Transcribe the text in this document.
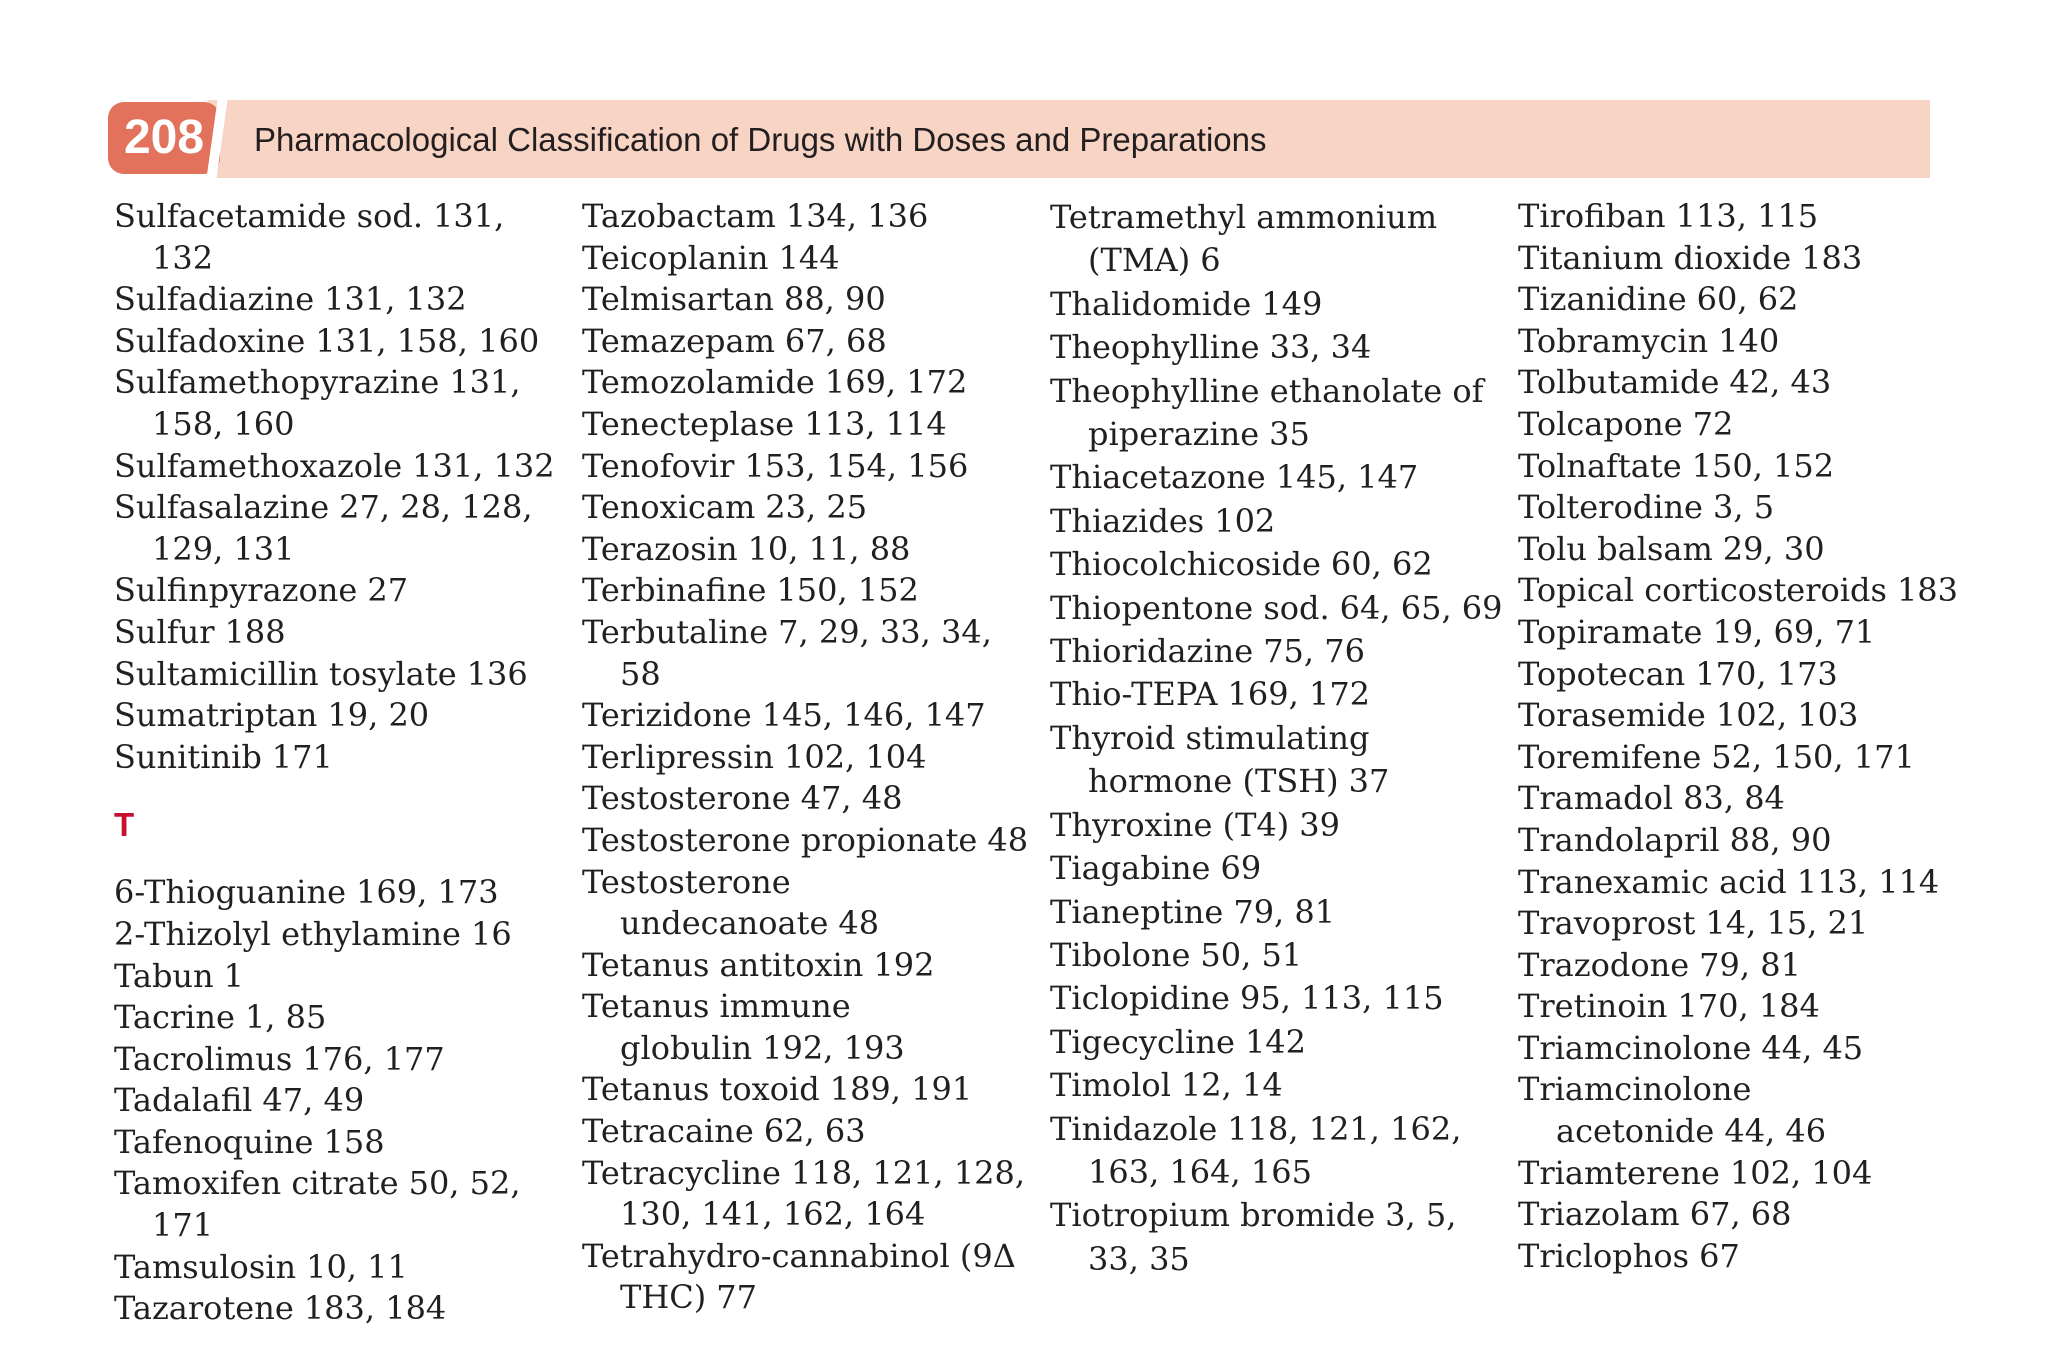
208	Pharmacological Classification of Drugs with Doses and Preparations
Sulfacetamide sod. 131, 132
Sulfadiazine 131, 132
Sulfadoxine 131, 158, 160
Sulfamethopyrazine 131, 158, 160
Sulfamethoxazole 131, 132
Sulfasalazine 27, 28, 128, 129, 131
Sulfinpyrazone 27
Sulfur 188
Sultamicillin tosylate 136
Sumatriptan 19, 20
Sunitinib 171
T
6-Thioguanine 169, 173
2-Thizolyl ethylamine 16
Tabun 1
Tacrine 1, 85
Tacrolimus 176, 177
Tadalafil 47, 49
Tafenoquine 158
Tamoxifen citrate 50, 52, 171
Tamsulosin 10, 11
Tazarotene 183, 184
Tazobactam 134, 136
Teicoplanin 144
Telmisartan 88, 90
Temazepam 67, 68
Temozolamide 169, 172
Tenecteplase 113, 114
Tenofovir 153, 154, 156
Tenoxicam 23, 25
Terazosin 10, 11, 88
Terbinafine 150, 152
Terbutaline 7, 29, 33, 34, 58
Terizidone 145, 146, 147
Terlipressin 102, 104
Testosterone 47, 48
Testosterone propionate 48
Testosterone undecanoate 48
Tetanus antitoxin 192
Tetanus immune globulin 192, 193
Tetanus toxoid 189, 191
Tetracaine 62, 63
Tetracycline 118, 121, 128, 130, 141, 162, 164
Tetrahydro-cannabinol (9Δ THC) 77
Tetramethyl ammonium (TMA) 6
Thalidomide 149
Theophylline 33, 34
Theophylline ethanolate of piperazine 35
Thiacetazone 145, 147
Thiazides 102
Thiocolchicoside 60, 62
Thiopentone sod. 64, 65, 69
Thioridazine 75, 76
Thio-TEPA 169, 172
Thyroid stimulating hormone (TSH) 37
Thyroxine (T4) 39
Tiagabine 69
Tianeptine 79, 81
Tibolone 50, 51
Ticlopidine 95, 113, 115
Tigecycline 142
Timolol 12, 14
Tinidazole 118, 121, 162, 163, 164, 165
Tiotropium bromide 3, 5, 33, 35
Tirofiban 113, 115
Titanium dioxide 183
Tizanidine 60, 62
Tobramycin 140
Tolbutamide 42, 43
Tolcapone 72
Tolnaftate 150, 152
Tolterodine 3, 5
Tolu balsam 29, 30
Topical corticosteroids 183
Topiramate 19, 69, 71
Topotecan 170, 173
Torasemide 102, 103
Toremifene 52, 150, 171
Tramadol 83, 84
Trandolapril 88, 90
Tranexamic acid 113, 114
Travoprost 14, 15, 21
Trazodone 79, 81
Tretinoin 170, 184
Triamcinolone 44, 45
Triamcinolone acetonide 44, 46
Triamterene 102, 104
Triazolam 67, 68
Triclophos 67
